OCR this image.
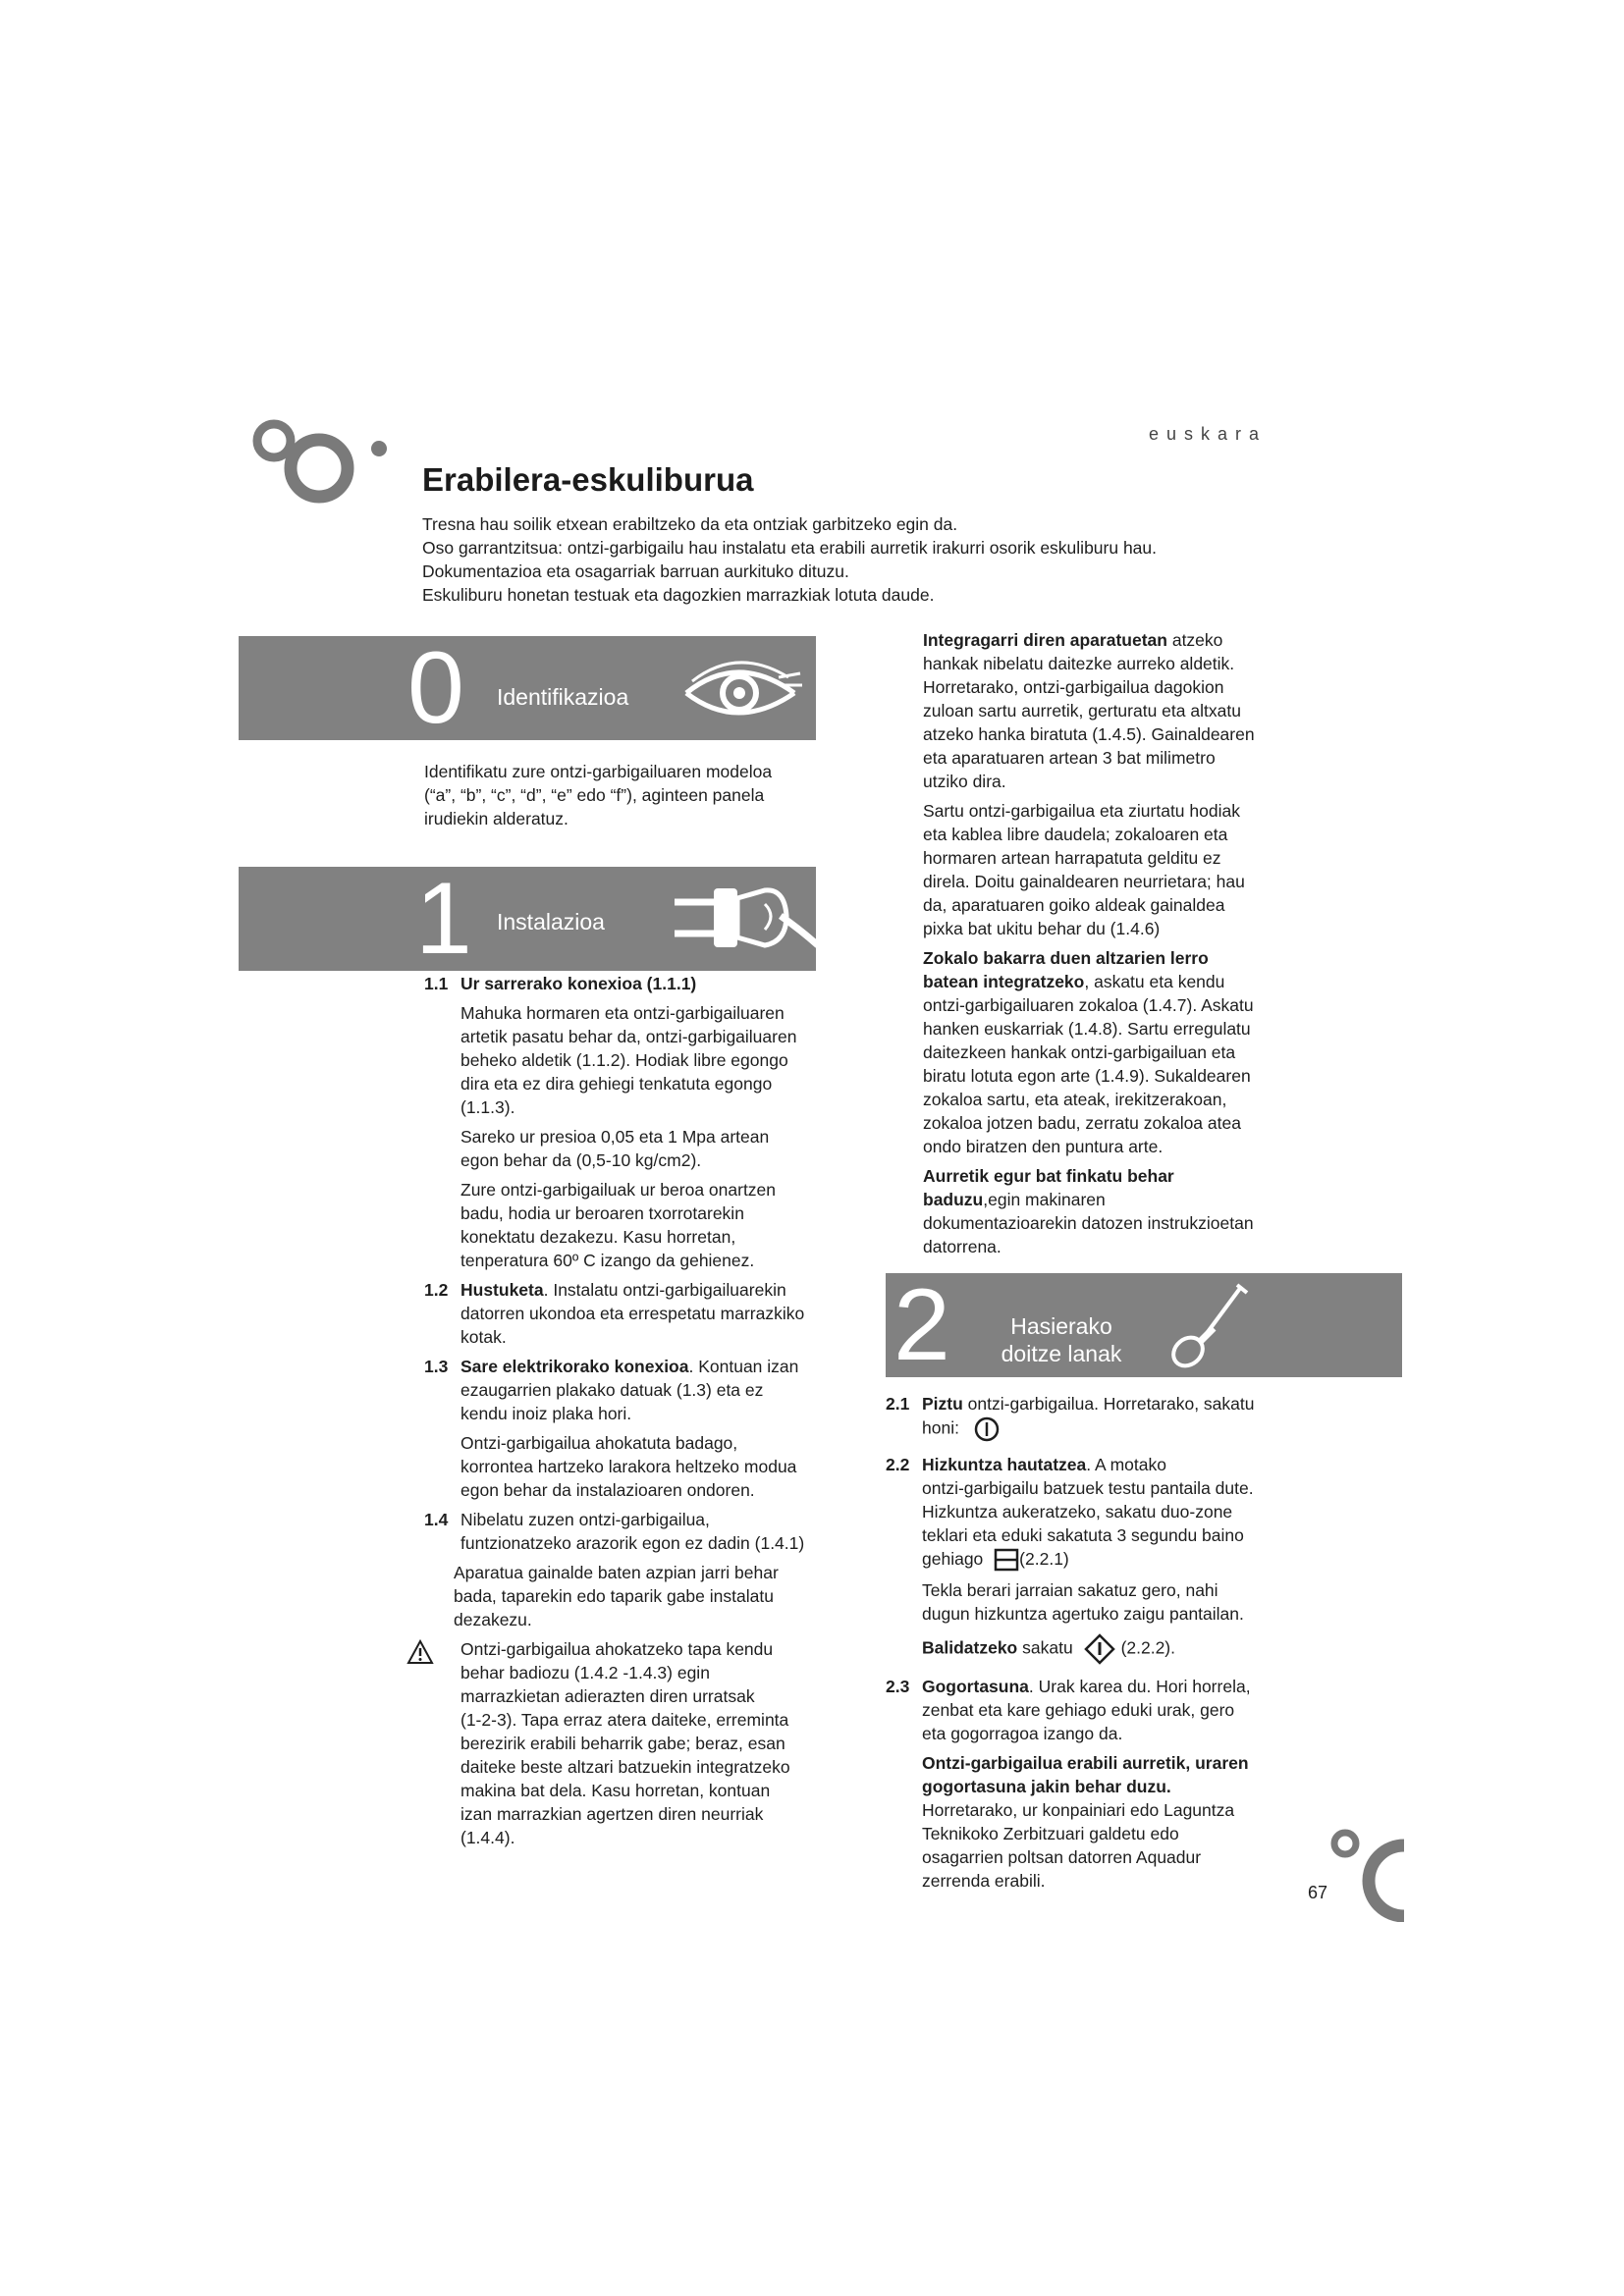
euskara
Erabilera-eskuliburua
Tresna hau soilik etxean erabiltzeko da eta ontziak garbitzeko egin da.
Oso garrantzitsua: ontzi-garbigailu hau instalatu eta erabili aurretik irakurri osorik eskuliburu hau.
Dokumentazioa eta osagarriak barruan aurkituko dituzu.
Eskuliburu honetan testuak eta dagozkien marrazkiak lotuta daude.
0 Identifikazioa

Identifikatu zure ontzi-garbigailuaren modeloa

(“a”, “b”, “c”, “d”, “e” edo “f”), aginteen panela

irudiekin alderatuz.

1 Instalazioa
1.1 Ur sarrerako konexioa (1.1.1)

Mahuka hormaren eta ontzi-garbigailuaren

artetik pasatu behar da, ontzi-garbigailuaren

beheko aldetik (1.1.2). Hodiak libre egongo

dira eta ez dira gehiegi tenkatuta egongo

(1.1.3).

Sareko ur presioa 0,05 eta 1 Mpa artean

egon behar da (0,5-10 kg/cm2).

Zure ontzi-garbigailuak ur beroa onartzen

badu, hodia ur beroaren txorrotarekin

konektatu dezakezu. Kasu horretan,

tenperatura 60º C izango da gehienez.

1.2 Hustuketa. Instalatu ontzi-garbigailuarekin

datorren ukondoa eta errespetatu marrazkiko

kotak.

1.3 Sare elektrikorako konexioa. Kontuan izan

ezaugarrien plakako datuak (1.3) eta ez

kendu inoiz plaka hori.

Ontzi-garbigailua ahokatuta badago,

korrontea hartzeko larakora heltzeko modua

egon behar da instalazioaren ondoren.

1.4 Nibelatu zuzen ontzi-garbigailua,

funtzionatzeko arazorik egon ez dadin (1.4.1)

Aparatua gainalde baten azpian jarri behar

bada, taparekin edo taparik gabe instalatu

dezakezu.

Ontzi-garbigailua ahokatzeko tapa kendu

behar badiozu (1.4.2 -1.4.3) egin

marrazkietan adierazten diren urratsak

(1-2-3). Tapa erraz atera daiteke, erreminta

berezirik erabili beharrik gabe; beraz, esan

daiteke beste altzari batzuekin integratzeko

makina bat dela. Kasu horretan, kontuan

izan marrazkian agertzen diren neurriak

(1.4.4).

Integragarri diren aparatuetan atzeko

hankak nibelatu daitezke aurreko aldetik.

Horretarako, ontzi-garbigailua dagokion

zuloan sartu aurretik, gerturatu eta altxatu

atzeko hanka biratuta (1.4.5). Gainaldearen

eta aparatuaren artean 3 bat milimetro

utziko dira.

Sartu ontzi-garbigailua eta ziurtatu hodiak

eta kablea libre daudela; zokaloaren eta

hormaren artean harrapatuta gelditu ez

direla. Doitu gainaldearen neurrietara; hau

da, aparatuaren goiko aldeak gainaldea

pixka bat ukitu behar du (1.4.6)

Zokalo bakarra duen altzarien lerro

batean integratzeko, askatu eta kendu

ontzi-garbigailuaren zokaloa (1.4.7). Askatu

hanken euskarriak (1.4.8). Sartu erregulatu

daitezkeen hankak ontzi-garbigailuan eta

biratu lotuta egon arte (1.4.9). Sukaldearen

zokaloa sartu, eta ateak, irekitzerakoan,

zokaloa jotzen badu, zerratu zokaloa atea

ondo biratzen den puntura arte.

Aurretik egur bat finkatu behar

baduzu,egin makinaren

dokumentazioarekin datozen instrukzioetan

datorrena.

2	Hasierako
doitze lanak
2.1 Piztu ontzi-garbigailua. Horretarako, sakatu

honi:

2.2 Hizkuntza hautatzea. A motako

ontzi-garbigailu batzuek testu pantaila dute.

Hizkuntza aukeratzeko, sakatu duo-zone

teklari eta eduki sakatuta 3 segundu baino

gehiago (2.2.1)

Tekla berari jarraian sakatuz gero, nahi

dugun hizkuntza agertuko zaigu pantailan.

Balidatzeko sakatu	(2.2.2).

2.3 Gogortasuna. Urak karea du. Hori horrela,

zenbat eta kare gehiago eduki urak, gero

eta gogorragoa izango da.

Ontzi-garbigailua erabili aurretik, uraren

gogortasuna jakin behar duzu.

Horretarako, ur konpainiari edo Laguntza

Teknikoko Zerbitzuari galdetu edo

osagarrien poltsan datorren Aquadur

zerrenda erabili.

67
